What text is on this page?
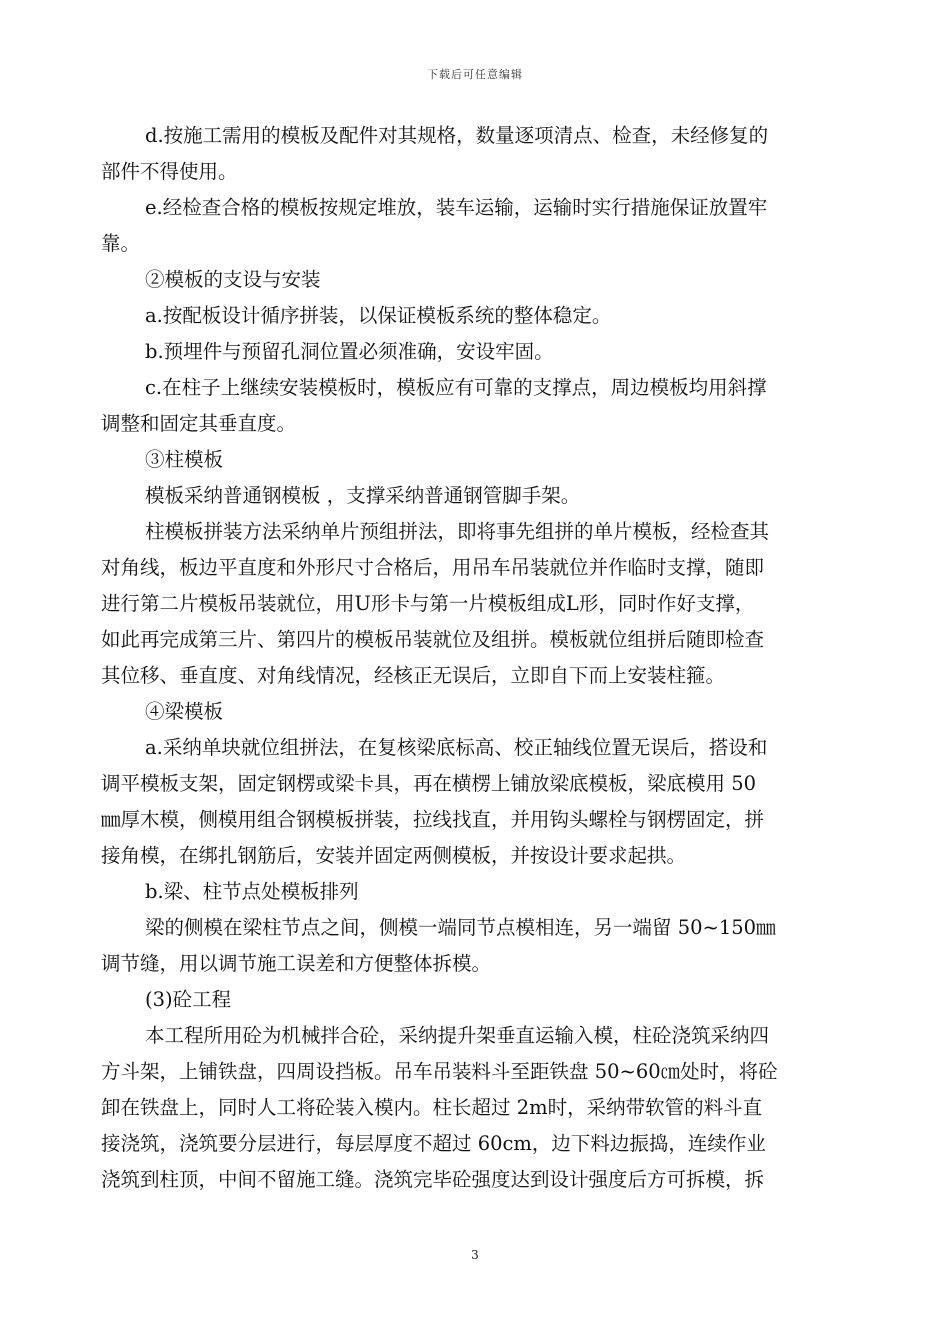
下载后可任意编辑
d.按施工需用的模板及配件对其规格，数量逐项清点、检查，未经修复的
部件不得使用。
e.经检查合格的模板按规定堆放，装车运输，运输时实行措施保证放置牢
靠。
②模板的支设与安装
a.按配板设计循序拼装，以保证模板系统的整体稳定。
b.预埋件与预留孔洞位置必须准确，安设牢固。
c.在柱子上继续安装模板时，模板应有可靠的支撑点，周边模板均用斜撑
调整和固定其垂直度。
③柱模板
模板采纳普通钢模板 ，支撑采纳普通钢管脚手架。
柱模板拼装方法采纳单片预组拼法，即将事先组拼的单片模板，经检查其
对角线，板边平直度和外形尺寸合格后，用吊车吊装就位并作临时支撑，随即
进行第二片模板吊装就位，用U形卡与第一片模板组成L形，同时作好支撑，
如此再完成第三片、第四片的模板吊装就位及组拼。模板就位组拼后随即检查
其位移、垂直度、对角线情况，经核正无误后，立即自下而上安装柱箍。
④梁模板
a.采纳单块就位组拼法，在复核梁底标高、校正轴线位置无误后，搭设和
调平模板支架，固定钢楞或梁卡具，再在横楞上铺放梁底模板，梁底模用 50
㎜厚木模，侧模用组合钢模板拼装，拉线找直，并用钩头螺栓与钢楞固定，拼
接角模，在绑扎钢筋后，安装并固定两侧模板，并按设计要求起拱。
b.梁、柱节点处模板排列
梁的侧模在梁柱节点之间，侧模一端同节点模相连，另一端留 50~150㎜
调节缝，用以调节施工误差和方便整体拆模。
(3)砼工程
本工程所用砼为机械拌合砼，采纳提升架垂直运输入模，柱砼浇筑采纳四
方斗架，上铺铁盘，四周设挡板。吊车吊装料斗至距铁盘 50~60㎝处时，将砼
卸在铁盘上，同时人工将砼装入模内。柱长超过 2m时，采纳带软管的料斗直
接浇筑，浇筑要分层进行，每层厚度不超过 60cm，边下料边振捣，连续作业
浇筑到柱顶，中间不留施工缝。浇筑完毕砼强度达到设计强度后方可拆模，拆
3
